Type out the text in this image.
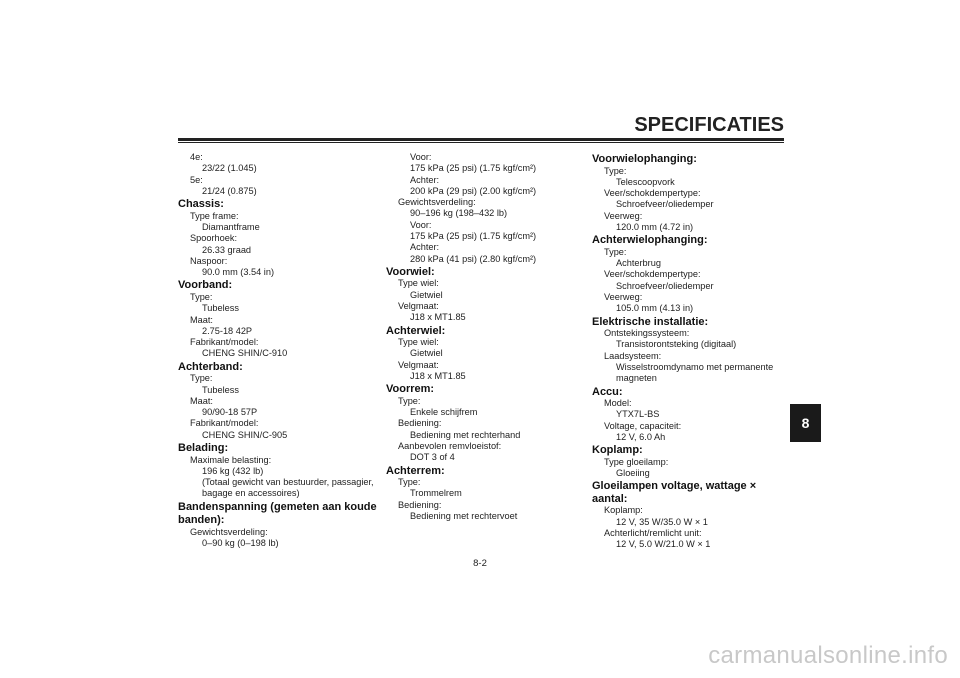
SPECIFICATIES
4e:
23/22 (1.045)
5e:
21/24 (0.875)
Chassis:
Type frame:
Diamantframe
Spoorhoek:
26.33 graad
Naspoor:
90.0 mm (3.54 in)
Voorband:
Type:
Tubeless
Maat:
2.75-18 42P
Fabrikant/model:
CHENG SHIN/C-910
Achterband:
Type:
Tubeless
Maat:
90/90-18 57P
Fabrikant/model:
CHENG SHIN/C-905
Belading:
Maximale belasting:
196 kg (432 lb)
(Totaal gewicht van bestuurder, passagier,
bagage en accessoires)
Bandenspanning (gemeten aan koude
banden):
Gewichtsverdeling:
0–90 kg (0–198 lb)
Voor:
175 kPa (25 psi) (1.75 kgf/cm²)
Achter:
200 kPa (29 psi) (2.00 kgf/cm²)
Gewichtsverdeling:
90–196 kg (198–432 lb)
Voor:
175 kPa (25 psi) (1.75 kgf/cm²)
Achter:
280 kPa (41 psi) (2.80 kgf/cm²)
Voorwiel:
Type wiel:
Gietwiel
Velgmaat:
J18 x MT1.85
Achterwiel:
Type wiel:
Gietwiel
Velgmaat:
J18 x MT1.85
Voorrem:
Type:
Enkele schijfrem
Bediening:
Bediening met rechterhand
Aanbevolen remvloeistof:
DOT 3 of 4
Achterrem:
Type:
Trommelrem
Bediening:
Bediening met rechtervoet
Voorwielophanging:
Type:
Telescoopvork
Veer/schokdempertype:
Schroefveer/oliedemper
Veerweg:
120.0 mm (4.72 in)
Achterwielophanging:
Type:
Achterbrug
Veer/schokdempertype:
Schroefveer/oliedemper
Veerweg:
105.0 mm (4.13 in)
Elektrische installatie:
Ontstekingssysteem:
Transistorontsteking (digitaal)
Laadsysteem:
Wisselstroomdynamo met permanente
magneten
Accu:
Model:
YTX7L-BS
Voltage, capaciteit:
12 V, 6.0 Ah
Koplamp:
Type gloeilamp:
Gloeiing
Gloeilampen voltage, wattage × aantal:
Koplamp:
12 V, 35 W/35.0 W × 1
Achterlicht/remlicht unit:
12 V, 5.0 W/21.0 W × 1
8
8-2
carmanualsonline.info
